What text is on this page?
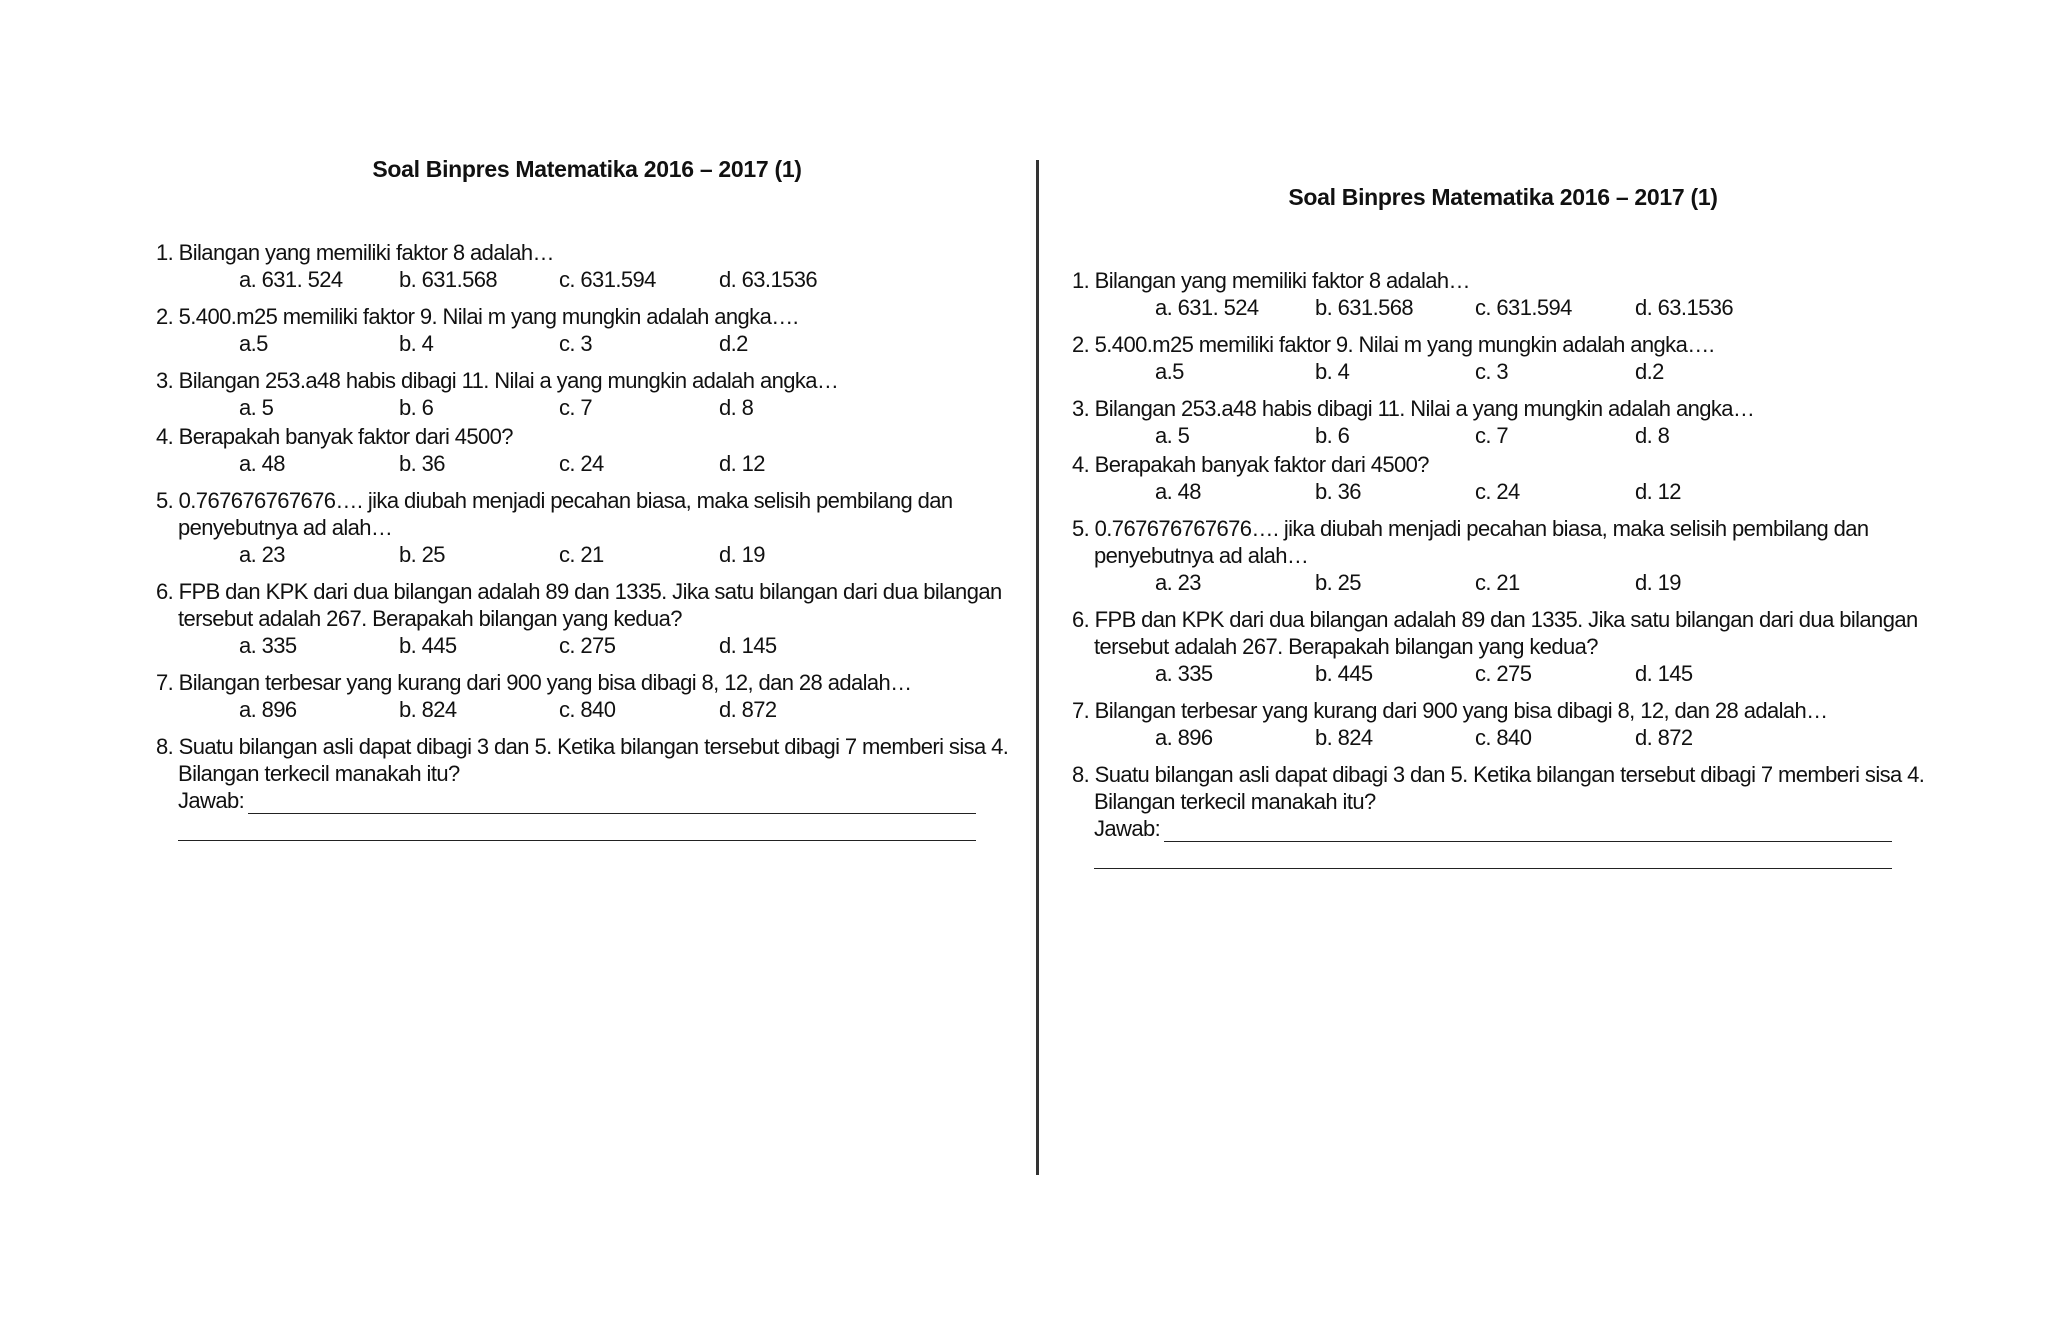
Soal Binpres Matematika 2016 – 2017 (1)
1. Bilangan yang memiliki faktor 8 adalah…
a. 631. 524	b. 631.568	c. 631.594	d. 63.1536
2. 5.400.m25 memiliki faktor 9. Nilai m yang mungkin adalah angka….
a.5	b. 4	c. 3	d.2
3. Bilangan 253.a48 habis dibagi 11. Nilai a yang mungkin adalah angka…
a. 5	b. 6	c. 7	d. 8
4. Berapakah banyak faktor dari 4500?
a. 48	b. 36	c. 24	d. 12
5. 0.767676767676…. jika diubah menjadi pecahan biasa, maka selisih pembilang dan penyebutnya ad alah…
a. 23	b. 25	c. 21	d. 19
6. FPB dan KPK dari dua bilangan adalah 89 dan 1335. Jika satu bilangan dari dua bilangan tersebut adalah 267. Berapakah bilangan yang kedua?
a. 335	b. 445	c. 275	d. 145
7. Bilangan terbesar yang kurang dari 900 yang bisa dibagi 8, 12, dan 28 adalah…
a. 896	b. 824	c. 840	d. 872
8. Suatu bilangan asli dapat dibagi 3 dan 5. Ketika bilangan tersebut dibagi 7 memberi sisa 4. Bilangan terkecil manakah itu?
Jawab:
Soal Binpres Matematika 2016 – 2017 (1)
1. Bilangan yang memiliki faktor 8 adalah…
a. 631. 524	b. 631.568	c. 631.594	d. 63.1536
2. 5.400.m25 memiliki faktor 9. Nilai m yang mungkin adalah angka….
a.5	b. 4	c. 3	d.2
3. Bilangan 253.a48 habis dibagi 11. Nilai a yang mungkin adalah angka…
a. 5	b. 6	c. 7	d. 8
4. Berapakah banyak faktor dari 4500?
a. 48	b. 36	c. 24	d. 12
5. 0.767676767676…. jika diubah menjadi pecahan biasa, maka selisih pembilang dan penyebutnya ad alah…
a. 23	b. 25	c. 21	d. 19
6. FPB dan KPK dari dua bilangan adalah 89 dan 1335. Jika satu bilangan dari dua bilangan tersebut adalah 267. Berapakah bilangan yang kedua?
a. 335	b. 445	c. 275	d. 145
7. Bilangan terbesar yang kurang dari 900 yang bisa dibagi 8, 12, dan 28 adalah…
a. 896	b. 824	c. 840	d. 872
8. Suatu bilangan asli dapat dibagi 3 dan 5. Ketika bilangan tersebut dibagi 7 memberi sisa 4. Bilangan terkecil manakah itu?
Jawab:
